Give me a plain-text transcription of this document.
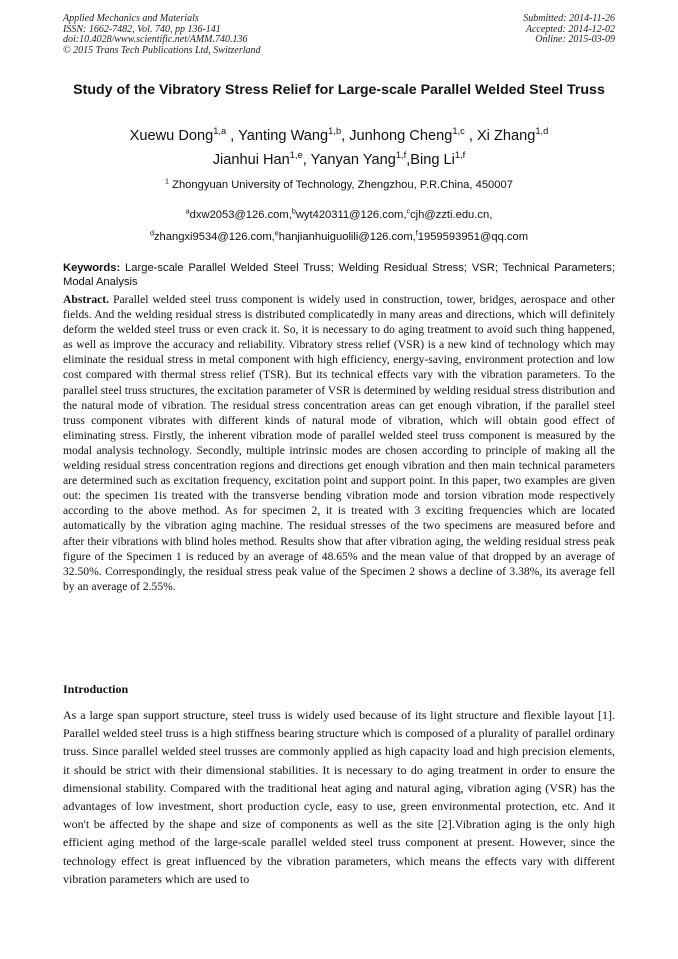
Applied Mechanics and Materials
ISSN: 1662-7482, Vol. 740, pp 136-141
doi:10.4028/www.scientific.net/AMM.740.136
© 2015 Trans Tech Publications Ltd, Switzerland
Submitted: 2014-11-26
Accepted: 2014-12-02
Online: 2015-03-09
Study of the Vibratory Stress Relief for Large-scale Parallel Welded Steel Truss
Xuewu Dong$^{1,a}$ , Yanting Wang$^{1,b}$, Junhong Cheng$^{1,c}$ , Xi Zhang$^{1,d}$
Jianhui Han$^{1,e}$, Yanyan Yang$^{1,f}$,Bing Li$^{1,f}$
$^1$ Zhongyuan University of Technology, Zhengzhou, P.R.China, 450007
$^a$dxw2053@126.com,$^b$wyt420311@126.com,$^c$cjh@zzti.edu.cn,
$^d$zhangxi9534@126.com,$^e$hanjianhuiguolili@126.com,$^f$1959593951@qq.com
Keywords: Large-scale Parallel Welded Steel Truss; Welding Residual Stress; VSR; Technical Parameters; Modal Analysis
Abstract. Parallel welded steel truss component is widely used in construction, tower, bridges, aerospace and other fields. And the welding residual stress is distributed complicatedly in many areas and directions, which will definitely deform the welded steel truss or even crack it. So, it is necessary to do aging treatment to avoid such thing happened, as well as improve the accuracy and reliability. Vibratory stress relief (VSR) is a new kind of technology which may eliminate the residual stress in metal component with high efficiency, energy-saving, environment protection and low cost compared with thermal stress relief (TSR). But its technical effects vary with the vibration parameters. To the parallel steel truss structures, the excitation parameter of VSR is determined by welding residual stress distribution and the natural mode of vibration. The residual stress concentration areas can get enough vibration, if the parallel steel truss component vibrates with different kinds of natural mode of vibration, which will obtain good effect of eliminating stress. Firstly, the inherent vibration mode of parallel welded steel truss component is measured by the modal analysis technology. Secondly, multiple intrinsic modes are chosen according to principle of making all the welding residual stress concentration regions and directions get enough vibration and then main technical parameters are determined such as excitation frequency, excitation point and support point. In this paper, two examples are given out: the specimen 1is treated with the transverse bending vibration mode and torsion vibration mode respectively according to the above method. As for specimen 2, it is treated with 3 exciting frequencies which are located automatically by the vibration aging machine. The residual stresses of the two specimens are measured before and after their vibrations with blind holes method. Results show that after vibration aging, the welding residual stress peak figure of the Specimen 1 is reduced by an average of 48.65% and the mean value of that dropped by an average of 32.50%. Correspondingly, the residual stress peak value of the Specimen 2 shows a decline of 3.38%, its average fell by an average of 2.55%.
Introduction
As a large span support structure, steel truss is widely used because of its light structure and flexible layout [1]. Parallel welded steel truss is a high stiffness bearing structure which is composed of a plurality of parallel ordinary truss. Since parallel welded steel trusses are commonly applied as high capacity load and high precision elements, it should be strict with their dimensional stabilities. It is necessary to do aging treatment in order to ensure the dimensional stability. Compared with the traditional heat aging and natural aging, vibration aging (VSR) has the advantages of low investment, short production cycle, easy to use, green environmental protection, etc. And it won't be affected by the shape and size of components as well as the site [2].Vibration aging is the only high efficient aging method of the large-scale parallel welded steel truss component at present. However, since the technology effect is great influenced by the vibration parameters, which means the effects vary with different vibration parameters which are used to
